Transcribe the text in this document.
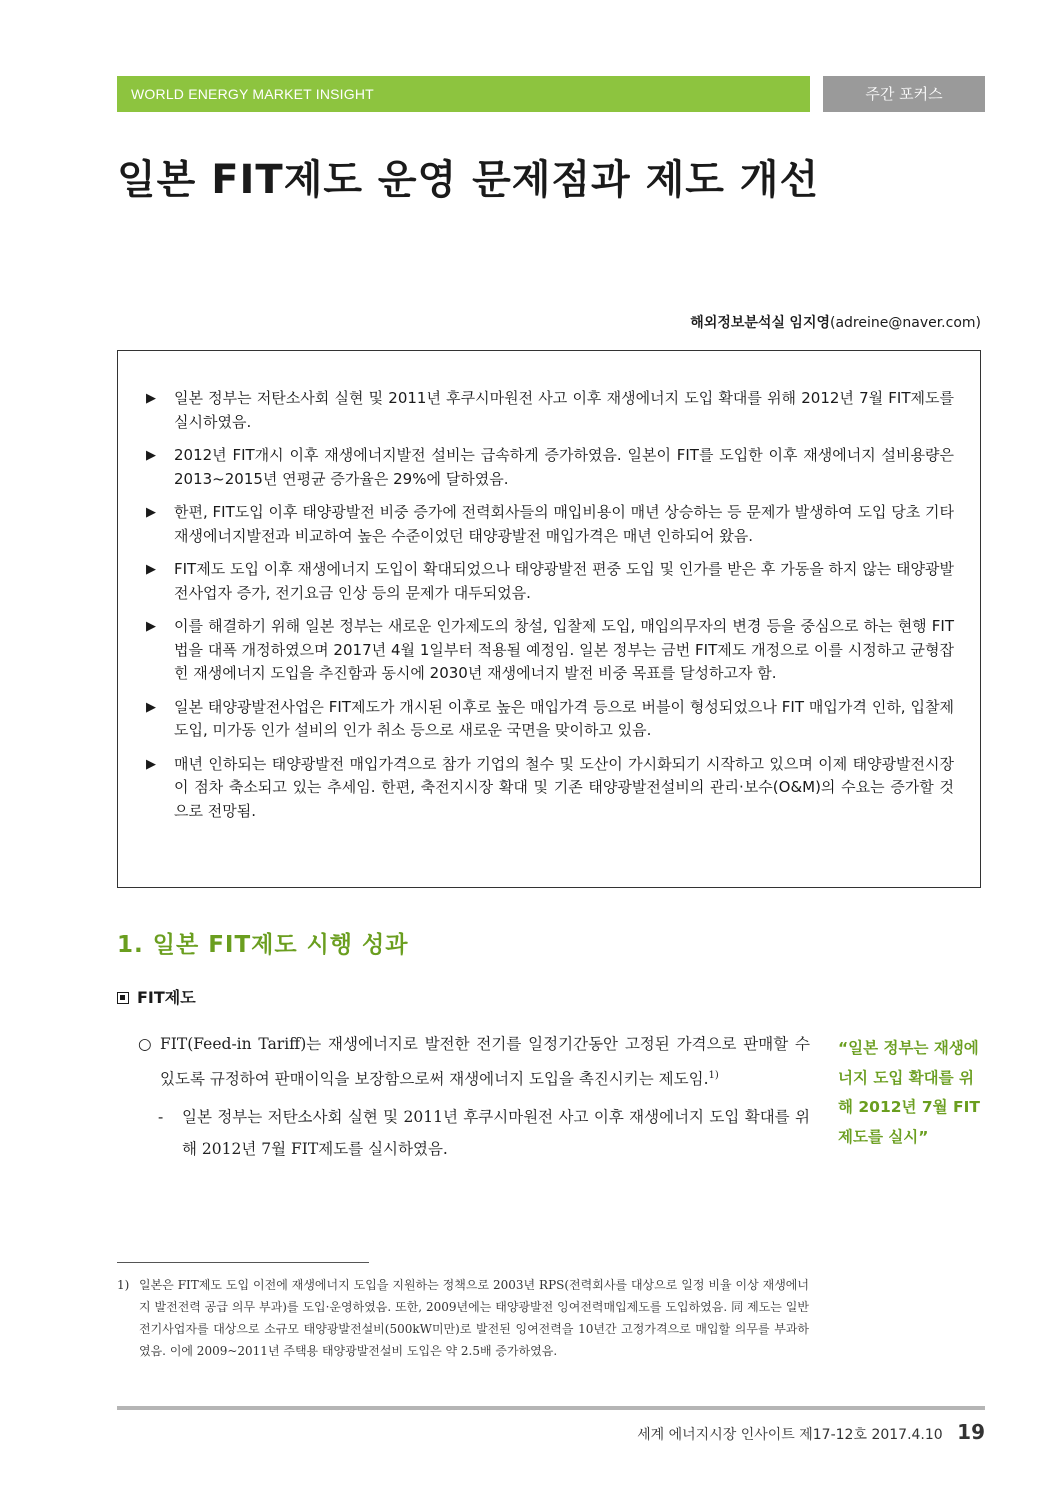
WORLD ENERGY MARKET INSIGHT	주간 포커스
일본 FIT제도 운영 문제점과 제도 개선
해외정보분석실 임지영(adreine@naver.com)
▶ 일본 정부는 저탄소사회 실현 및 2011년 후쿠시마원전 사고 이후 재생에너지 도입 확대를 위해 2012년 7월 FIT제도를 실시하였음.
▶ 2012년 FIT개시 이후 재생에너지발전 설비는 급속하게 증가하였음. 일본이 FIT를 도입한 이후 재생에너지 설비용량은 2013~2015년 연평균 증가율은 29%에 달하였음.
▶ 한편, FIT도입 이후 태양광발전 비중 증가에 전력회사들의 매입비용이 매년 상승하는 등 문제가 발생하여 도입 당초 기타 재생에너지발전과 비교하여 높은 수준이었던 태양광발전 매입가격은 매년 인하되어 왔음.
▶ FIT제도 도입 이후 재생에너지 도입이 확대되었으나 태양광발전 편중 도입 및 인가를 받은 후 가동을 하지 않는 태양광발전사업자 증가, 전기요금 인상 등의 문제가 대두되었음.
▶ 이를 해결하기 위해 일본 정부는 새로운 인가제도의 창설, 입찰제 도입, 매입의무자의 변경 등을 중심으로 하는 현행 FIT법을 대폭 개정하였으며 2017년 4월 1일부터 적용될 예정임. 일본 정부는 금번 FIT제도 개정으로 이를 시정하고 균형잡힌 재생에너지 도입을 추진함과 동시에 2030년 재생에너지 발전 비중 목표를 달성하고자 함.
▶ 일본 태양광발전사업은 FIT제도가 개시된 이후로 높은 매입가격 등으로 버블이 형성되었으나 FIT 매입가격 인하, 입찰제 도입, 미가동 인가 설비의 인가 취소 등으로 새로운 국면을 맞이하고 있음.
▶ 매년 인하되는 태양광발전 매입가격으로 참가 기업의 철수 및 도산이 가시화되기 시작하고 있으며 이제 태양광발전시장이 점차 축소되고 있는 추세임. 한편, 축전지시장 확대 및 기존 태양광발전설비의 관리·보수(O&M)의 수요는 증가할 것으로 전망됨.
1. 일본 FIT제도 시행 성과
FIT제도
○ FIT(Feed-in Tariff)는 재생에너지로 발전한 전기를 일정기간동안 고정된 가격으로 판매할 수 있도록 규정하여 판매이익을 보장함으로써 재생에너지 도입을 촉진시키는 제도임.$^{1)}$
- 일본 정부는 저탄소사회 실현 및 2011년 후쿠시마원전 사고 이후 재생에너지 도입 확대를 위해 2012년 7월 FIT제도를 실시하였음.
“일본 정부는 재생에너지 도입 확대를 위해 2012년 7월 FIT제도를 실시”
1) 일본은 FIT제도 도입 이전에 재생에너지 도입을 지원하는 정책으로 2003년 RPS(전력회사를 대상으로 일정 비율 이상 재생에너지 발전전력 공급 의무 부과)를 도입·운영하였음. 또한, 2009년에는 태양광발전 잉여전력매입제도를 도입하였음. 同 제도는 일반전기사업자를 대상으로 소규모 태양광발전설비(500kW미만)로 발전된 잉여전력을 10년간 고정가격으로 매입할 의무를 부과하였음. 이에 2009~2011년 주택용 태양광발전설비 도입은 약 2.5배 증가하였음.
세계 에너지시장 인사이트 제17-12호 2017.4.10 19
